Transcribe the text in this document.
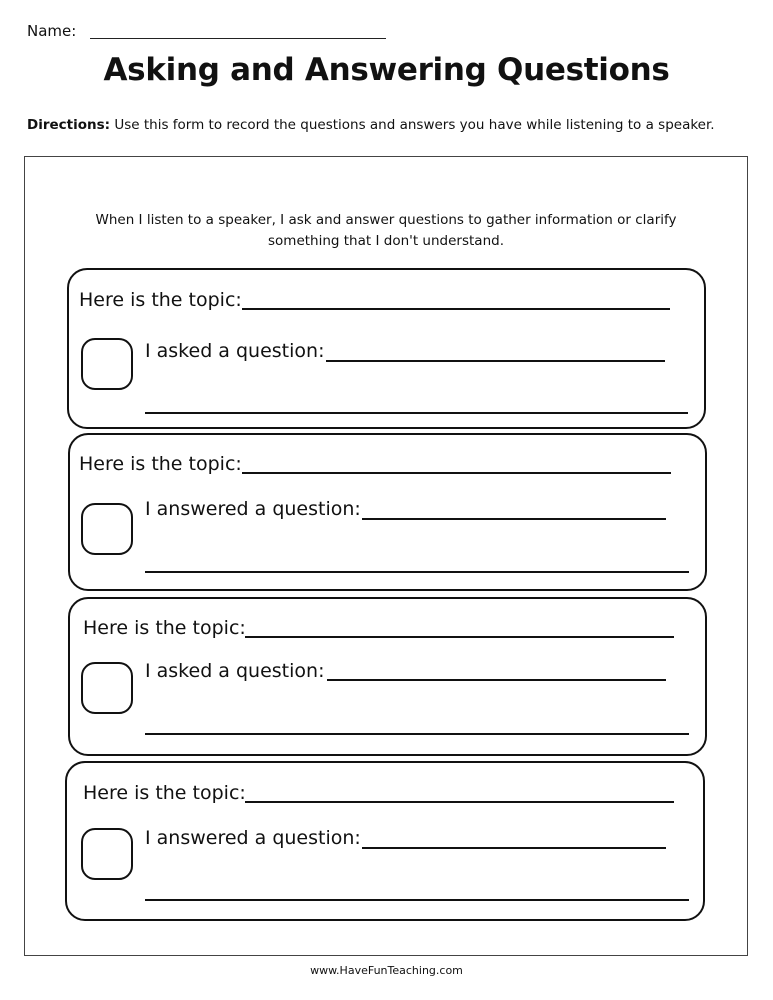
Name:
Asking and Answering Questions
Directions: Use this form to record the questions and answers you have while listening to a speaker.
When I listen to a speaker, I ask and answer questions to gather information or clarify
something that I don't understand.
Here is the topic:
I asked a question:
Here is the topic:
I answered a question:
Here is the topic:
I asked a question:
Here is the topic:
I answered a question:
www.HaveFunTeaching.com
